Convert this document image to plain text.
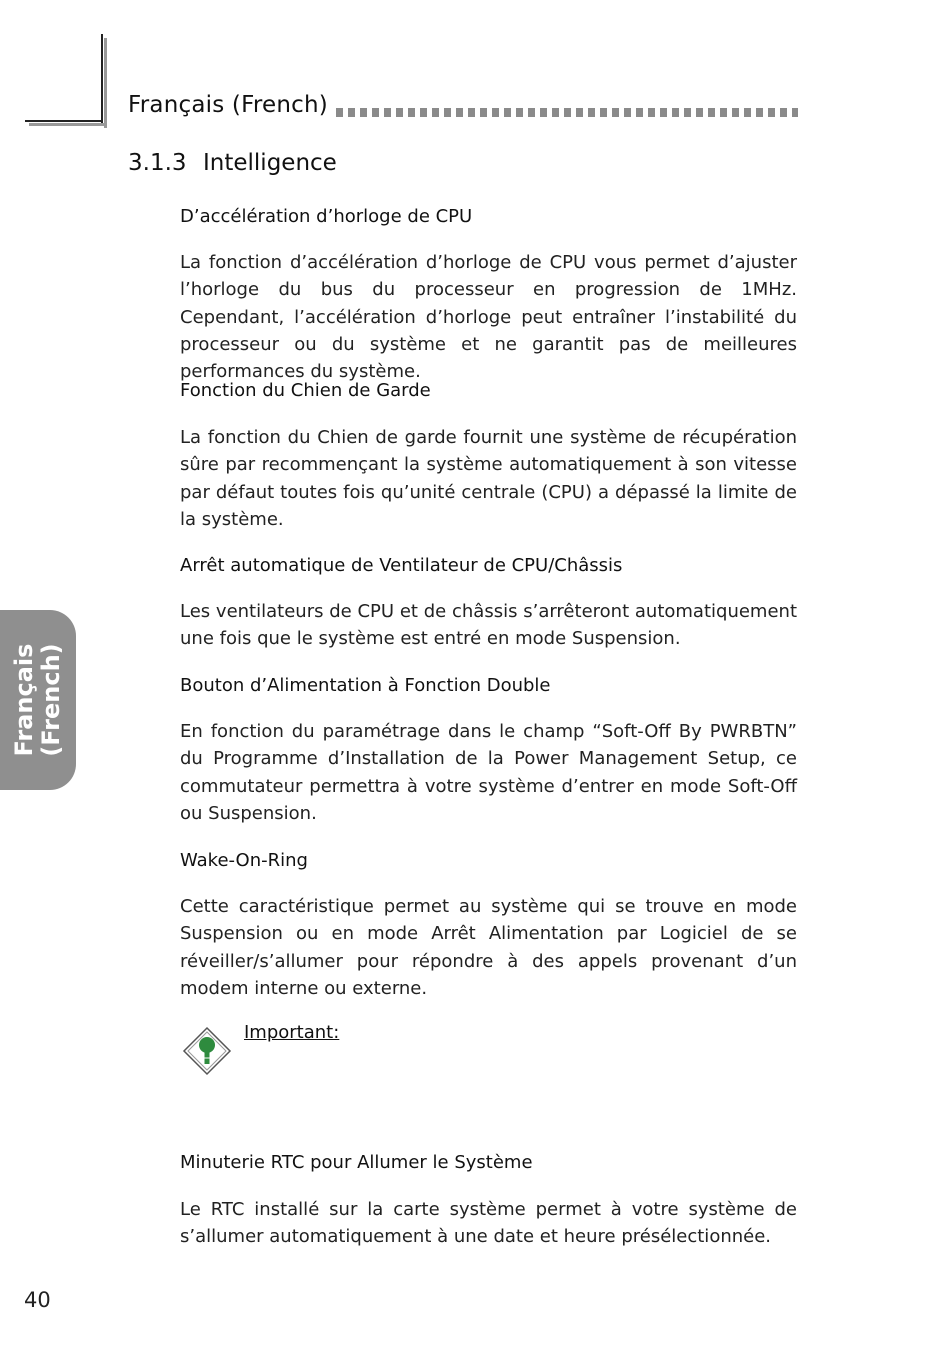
Français (French)
3.1.3 Intelligence

D’accélération d’horloge de CPU

La fonction d’accélération d’horloge de CPU vous permet d’ajuster l’horloge du bus du processeur en progression de 1MHz. Cependant, l’accélération d’horloge peut entraîner l’instabilité du processeur ou du système et ne garantit pas de meilleures performances du système.

Fonction du Chien de Garde

La fonction du Chien de garde fournit une système de récupération sûre par recommençant la système automatiquement à son vitesse par défaut toutes fois qu’unité centrale (CPU) a dépassé la limite de la système.

Arrêt automatique de Ventilateur de CPU/Châssis

Les ventilateurs de CPU et de châssis s’arrêteront automatiquement une fois que le système est entré en mode Suspension.

Bouton d’Alimentation à Fonction Double

En fonction du paramétrage dans le champ “Soft-Off By PWRBTN” du Programme d’Installation de la Power Management Setup, ce commutateur permettra à votre système d’entrer en mode Soft-Off ou Suspension.

Wake-On-Ring

Cette caractéristique permet au système qui se trouve en mode Suspension ou en mode Arrêt Alimentation par Logiciel de se réveiller/s’allumer pour répondre à des appels provenant d’un modem interne ou externe.

Important:

Minuterie RTC pour Allumer le Système

Le RTC installé sur la carte système permet à votre système de s’allumer automatiquement à une date et heure présélectionnée.

Français (French)
40
